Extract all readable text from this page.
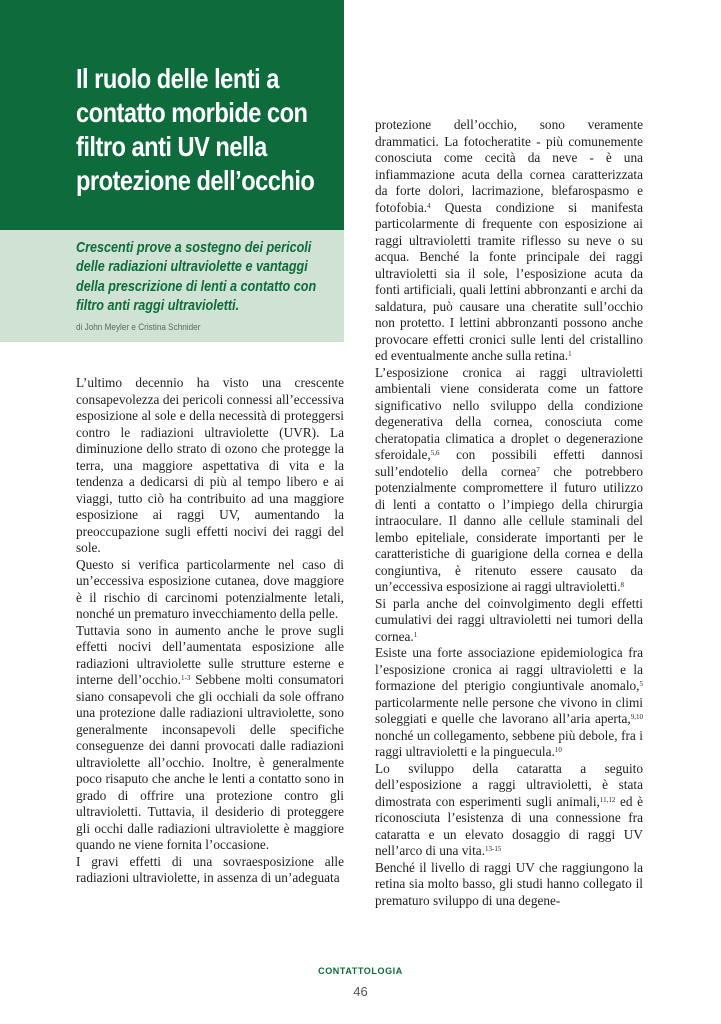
Il ruolo delle lenti a contatto morbide con filtro anti UV nella protezione dell’occhio

Crescenti prove a sostegno dei pericoli delle radiazioni ultraviolette e vantaggi della prescrizione di lenti a contatto con filtro anti raggi ultravioletti.

di John Meyler e Cristina Schnider

L’ultimo decennio ha visto una crescente consapevolezza dei pericoli connessi all’eccessiva esposizione al sole e della necessità di proteggersi contro le radiazioni ultraviolette (UVR). La diminuzione dello strato di ozono che protegge la terra, una maggiore aspettativa di vita e la tendenza a dedicarsi di più al tempo libero e ai viaggi, tutto ciò ha contribuito ad una maggiore esposizione ai raggi UV, aumentando la preoccupazione sugli effetti nocivi dei raggi del sole.

Questo si verifica particolarmente nel caso di un’eccessiva esposizione cutanea, dove maggiore è il rischio di carcinomi potenzialmente letali, nonché un prematuro invecchiamento della pelle.

Tuttavia sono in aumento anche le prove sugli effetti nocivi dell’aumentata esposizione alle radiazioni ultraviolette sulle strutture esterne e interne dell’occhio.$^{1-3}$ Sebbene molti consumatori siano consapevoli che gli occhiali da sole offrano una protezione dalle radiazioni ultraviolette, sono generalmente inconsapevoli delle specifiche conseguenze dei danni provocati dalle radiazioni ultraviolette all’occhio. Inoltre, è generalmente poco risaputo che anche le lenti a contatto sono in grado di offrire una protezione contro gli ultravioletti. Tuttavia, il desiderio di proteggere gli occhi dalle radiazioni ultraviolette è maggiore quando ne viene fornita l’occasione.

I gravi effetti di una sovraesposizione alle radiazioni ultraviolette, in assenza di un’adeguata

protezione dell’occhio, sono veramente drammatici. La fotocheratite - più comunemente conosciuta come cecità da neve - è una infiammazione acuta della cornea caratterizzata da forte dolori, lacrimazione, blefarospasmo e fotofobia.$^4$ Questa condizione si manifesta particolarmente di frequente con esposizione ai raggi ultravioletti tramite riflesso su neve o su acqua. Benché la fonte principale dei raggi ultravioletti sia il sole, l’esposizione acuta da fonti artificiali, quali lettini abbronzanti e archi da saldatura, può causare una cheratite sull’occhio non protetto. I lettini abbronzanti possono anche provocare effetti cronici sulle lenti del cristallino ed eventualmente anche sulla retina.$^1$

L’esposizione cronica ai raggi ultravioletti ambientali viene considerata come un fattore significativo nello sviluppo della condizione degenerativa della cornea, conosciuta come cheratopatia climatica a droplet o degenerazione sferoidale,$^{5,6}$ con possibili effetti dannosi sull’endotelio della cornea$^7$ che potrebbero potenzialmente compromettere il futuro utilizzo di lenti a contatto o l’impiego della chirurgia intraoculare. Il danno alle cellule staminali del lembo epiteliale, considerate importanti per le caratteristiche di guarigione della cornea e della congiuntiva, è ritenuto essere causato da un’eccessiva esposizione ai raggi ultravioletti.$^8$

Si parla anche del coinvolgimento degli effetti cumulativi dei raggi ultravioletti nei tumori della cornea.$^1$

Esiste una forte associazione epidemiologica fra l’esposizione cronica ai raggi ultravioletti e la formazione del pterigio congiuntivale anomalo,$^5$ particolarmente nelle persone che vivono in climi soleggiati e quelle che lavorano all’aria aperta,$^{9,10}$ nonché un collegamento, sebbene più debole, fra i raggi ultravioletti e la pinguecula.$^{10}$

Lo sviluppo della cataratta a seguito dell’esposizione a raggi ultravioletti, è stata dimostrata con esperimenti sugli animali,$^{11,12}$ ed è riconosciuta l’esistenza di una connessione fra cataratta e un elevato dosaggio di raggi UV nell’arco di una vita.$^{13-15}$

Benché il livello di raggi UV che raggiungono la retina sia molto basso, gli studi hanno collegato il prematuro sviluppo di una degene-

CONTATTOLOGIA
46
